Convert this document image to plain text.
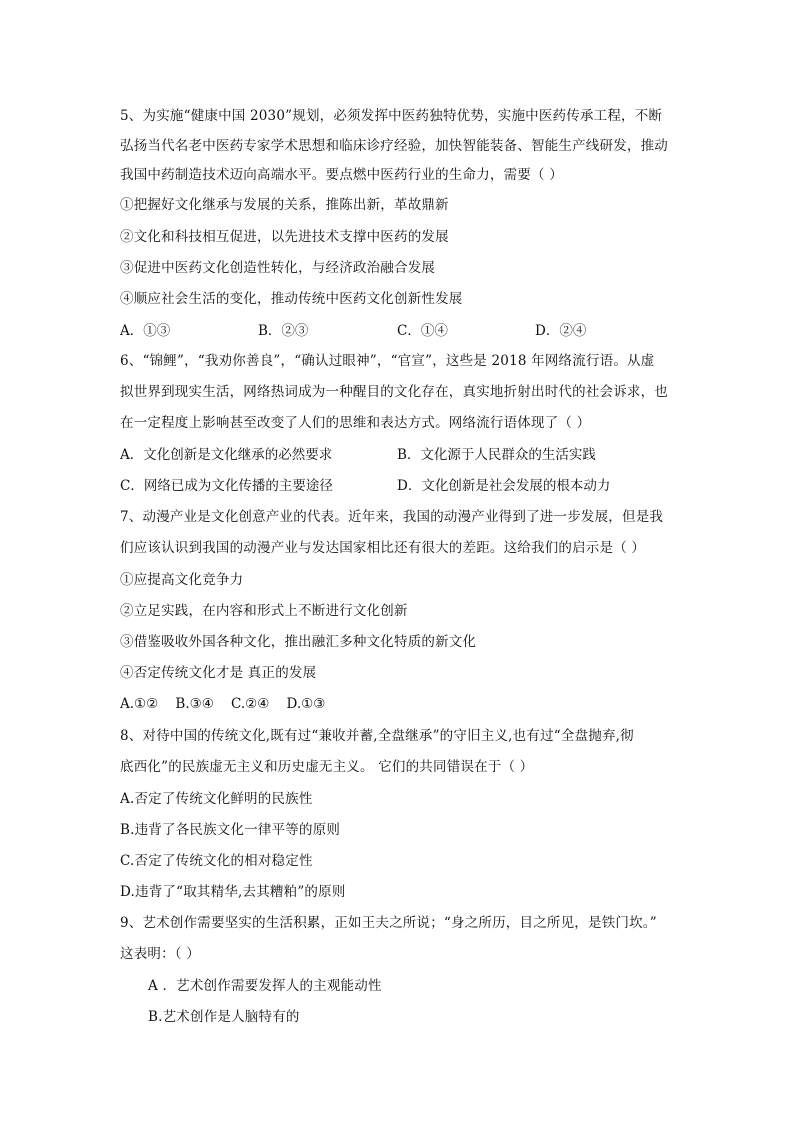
5、为实施“健康中国 2030”规划，必须发挥中医药独特优势，实施中医药传承工程，不断
弘扬当代名老中医药专家学术思想和临床诊疗经验，加快智能装备、智能生产线研发，推动
我国中药制造技术迈向高端水平。要点燃中医药行业的生命力，需要（ ）
①把握好文化继承与发展的关系，推陈出新，革故鼎新
②文化和科技相互促进，以先进技术支撑中医药的发展
③促进中医药文化创造性转化，与经济政治融合发展
④顺应社会生活的变化，推动传统中医药文化创新性发展
A．①③	B．②③	C．①④	D．②④
6、“锦鲤”，“我劝你善良”，“确认过眼神”，“官宣”，这些是 2018 年网络流行语。从虚
拟世界到现实生活，网络热词成为一种醒目的文化存在，真实地折射出时代的社会诉求，也
在一定程度上影响甚至改变了人们的思维和表达方式。网络流行语体现了（ ）
A．文化创新是文化继承的必然要求	B．文化源于人民群众的生活实践
C．网络已成为文化传播的主要途径	D．文化创新是社会发展的根本动力
7、动漫产业是文化创意产业的代表。近年来，我国的动漫产业得到了进一步发展，但是我
们应该认识到我国的动漫产业与发达国家相比还有很大的差距。这给我们的启示是（ ）
①应提高文化竞争力
②立足实践，在内容和形式上不断进行文化创新
③借鉴吸收外国各种文化，推出融汇多种文化特质的新文化
④否定传统文化才是 真正的发展
A.①②    B.③④    C.②④    D.①③
8、对待中国的传统文化,既有过“兼收并蓄,全盘继承”的守旧主义,也有过“全盘抛弃,彻
底西化”的民族虚无主义和历史虚无主义。 它们的共同错误在于（ ）
A.否定了传统文化鲜明的民族性
B.违背了各民族文化一律平等的原则
C.否定了传统文化的相对稳定性
D.违背了“取其精华,去其糟粕”的原则
9、艺术创作需要坚实的生活积累，正如王夫之所说；“身之所历，目之所见，是铁门坎。”
这表明：（ ）
A ．艺术创作需要发挥人的主观能动性
B.艺术创作是人脑特有的
